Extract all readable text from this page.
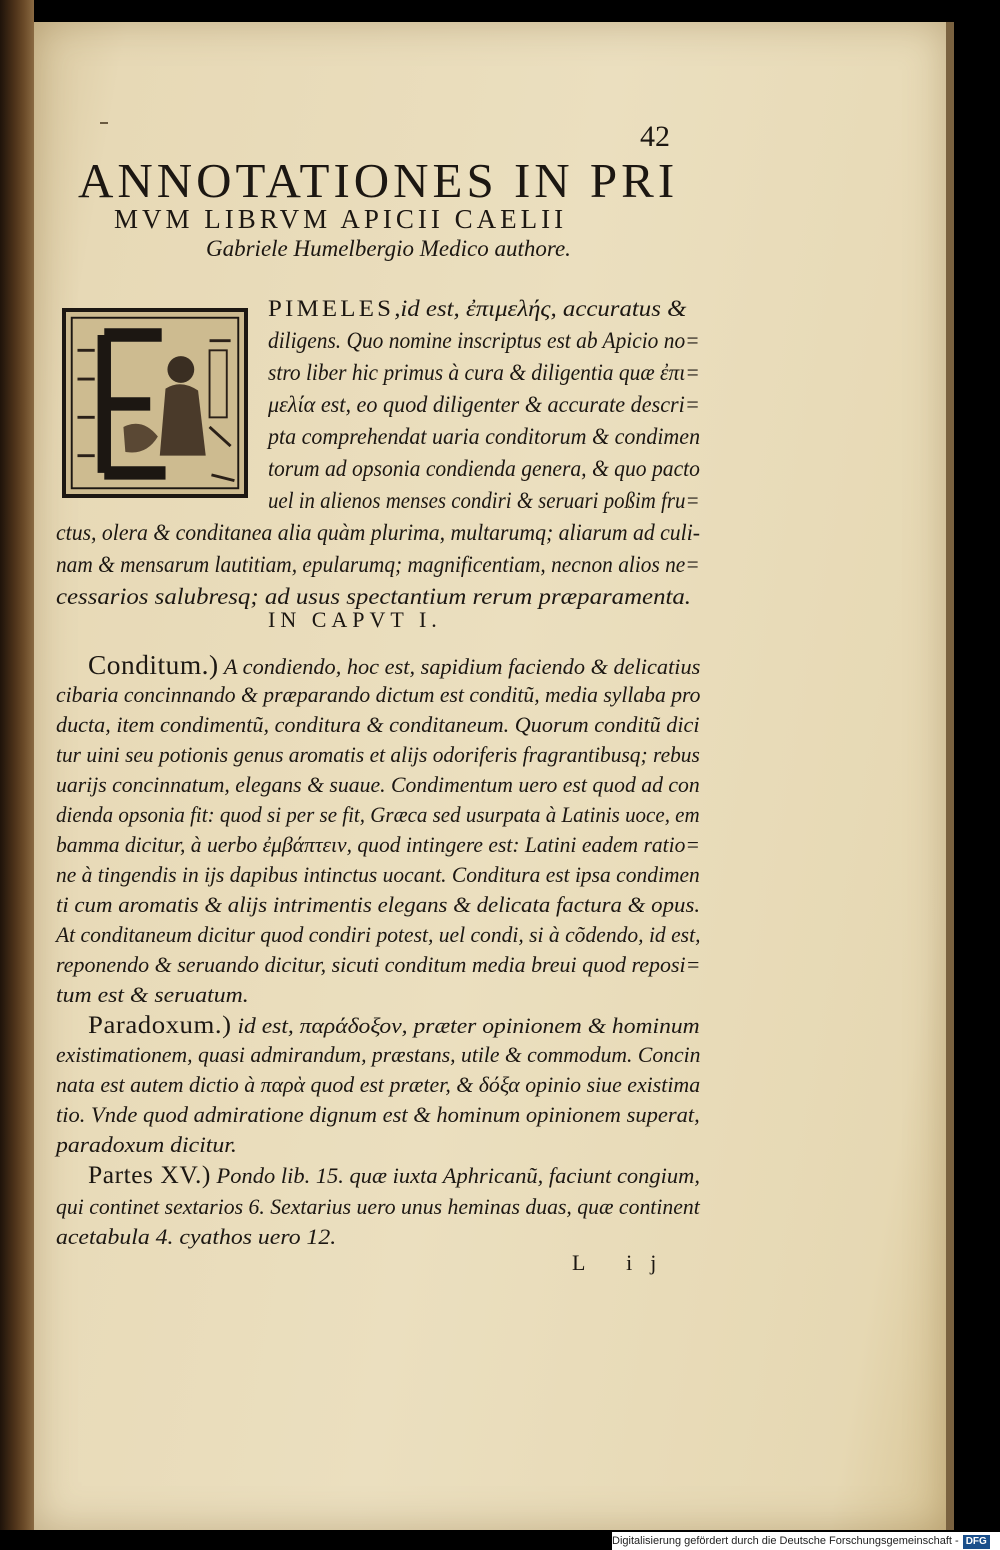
42
ANNOTATIONES IN PRI
MVM LIBRVM APICII CAELII
Gabriele Humelbergio Medico authore.
PIMELES,id est, ἐπιμελής, accuratus &
diligens. Quo nomine inscriptus est ab Apicio no=
stro liber hic primus à cura & diligentia quæ ἐπι=
μελία est, eo quod diligenter & accurate descri=
pta comprehendat uaria conditorum & condimen
torum ad opsonia condienda genera, & quo pacto
uel in alienos menses condiri & seruari poßim fru=
ctus, olera & conditanea alia quàm plurima, multarumq; aliarum ad culi-
nam & mensarum lautitiam, epularumq; magnificentiam, necnon alios ne=
cessarios salubresq; ad usus spectantium rerum præparamenta.
IN CAPVT I.
Conditum.) A condiendo, hoc est, sapidium faciendo & delicatius
cibaria concinnando & præparando dictum est conditũ, media syllaba pro
ducta, item condimentũ, conditura & conditaneum. Quorum conditũ dici
tur uini seu potionis genus aromatis et alijs odoriferis fragrantibusq; rebus
uarijs concinnatum, elegans & suaue. Condimentum uero est quod ad con
dienda opsonia fit: quod si per se fit, Græca sed usurpata à Latinis uoce, em
bamma dicitur, à uerbo ἐμβάπτειν, quod intingere est: Latini eadem ratio=
ne à tingendis in ijs dapibus intinctus uocant. Conditura est ipsa condimen
ti cum aromatis & alijs intrimentis elegans & delicata factura & opus.
At conditaneum dicitur quod condiri potest, uel condi, si à cõdendo, id est,
reponendo & seruando dicitur, sicuti conditum media breui quod reposi=
tum est & seruatum.
Paradoxum.) id est, παράδοξον, præter opinionem & hominum
existimationem, quasi admirandum, præstans, utile & commodum. Concin
nata est autem dictio à παρὰ quod est præter, & δόξα opinio siue existima
tio. Vnde quod admiratione dignum est & hominum opinionem superat,
paradoxum dicitur.
Partes XV.) Pondo lib. 15. quæ iuxta Aphricanũ, faciunt congium,
qui continet sextarios 6. Sextarius uero unus heminas duas, quæ continent
acetabula 4. cyathos uero 12.
L ij
Digitalisierung gefördert durch die Deutsche Forschungsgemeinschaft - DFG
